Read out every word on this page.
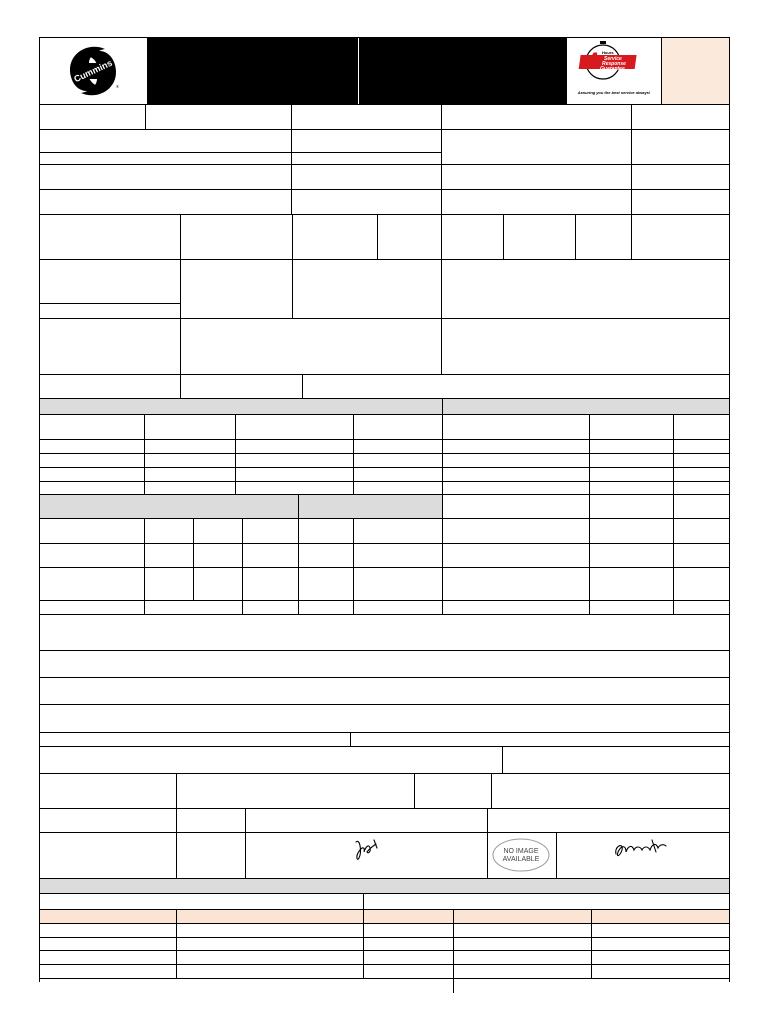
Cummins
®
4 Hours
Service
Response
Guarantee
Assuring you the best service always!
NO IMAGE
AVAILABLE
